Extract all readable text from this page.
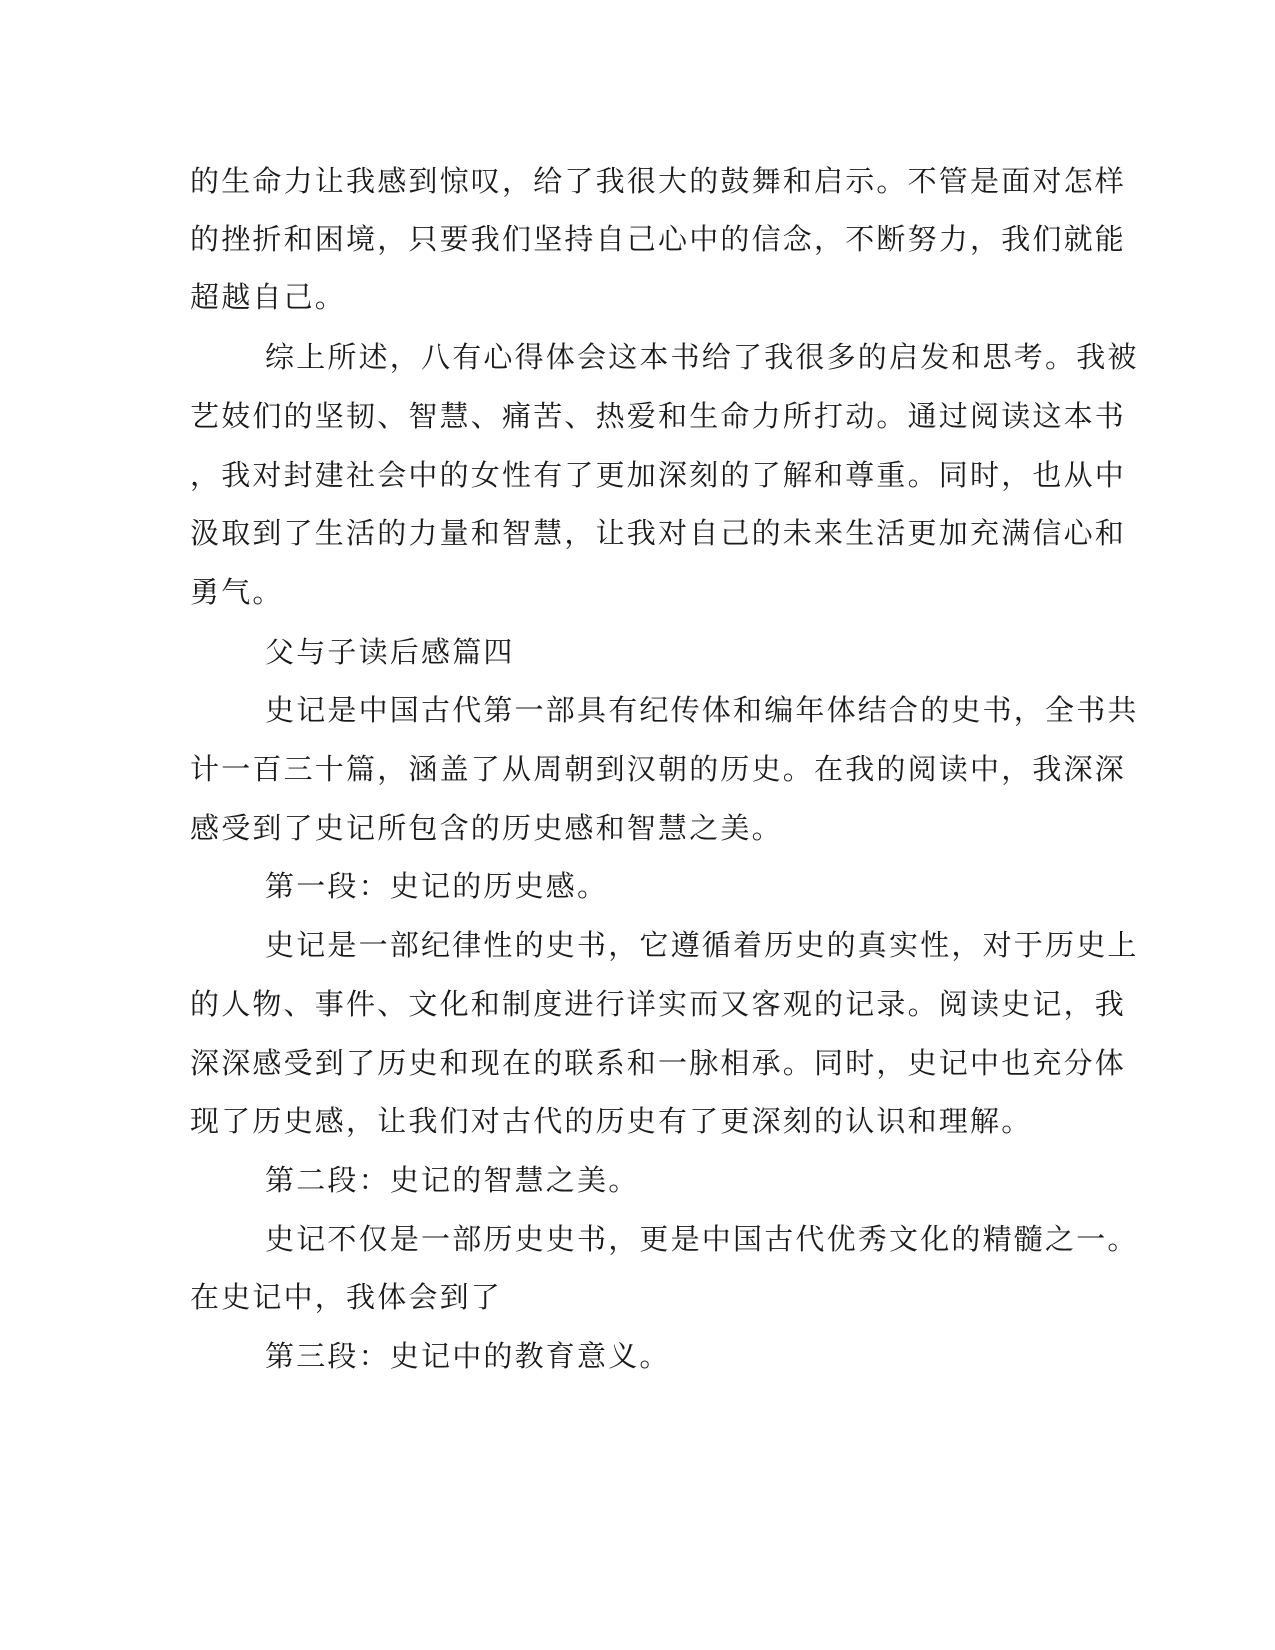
的生命力让我感到惊叹，给了我很大的鼓舞和启示。不管是面对怎样
的挫折和困境，只要我们坚持自己心中的信念，不断努力，我们就能
超越自己。
综上所述，八有心得体会这本书给了我很多的启发和思考。我被
艺妓们的坚韧、智慧、痛苦、热爱和生命力所打动。通过阅读这本书
，我对封建社会中的女性有了更加深刻的了解和尊重。同时，也从中
汲取到了生活的力量和智慧，让我对自己的未来生活更加充满信心和
勇气。
父与子读后感篇四
史记是中国古代第一部具有纪传体和编年体结合的史书，全书共
计一百三十篇，涵盖了从周朝到汉朝的历史。在我的阅读中，我深深
感受到了史记所包含的历史感和智慧之美。
第一段：史记的历史感。
史记是一部纪律性的史书，它遵循着历史的真实性，对于历史上
的人物、事件、文化和制度进行详实而又客观的记录。阅读史记，我
深深感受到了历史和现在的联系和一脉相承。同时，史记中也充分体
现了历史感，让我们对古代的历史有了更深刻的认识和理解。
第二段：史记的智慧之美。
史记不仅是一部历史史书，更是中国古代优秀文化的精髓之一。
在史记中，我体会到了
第三段：史记中的教育意义。
